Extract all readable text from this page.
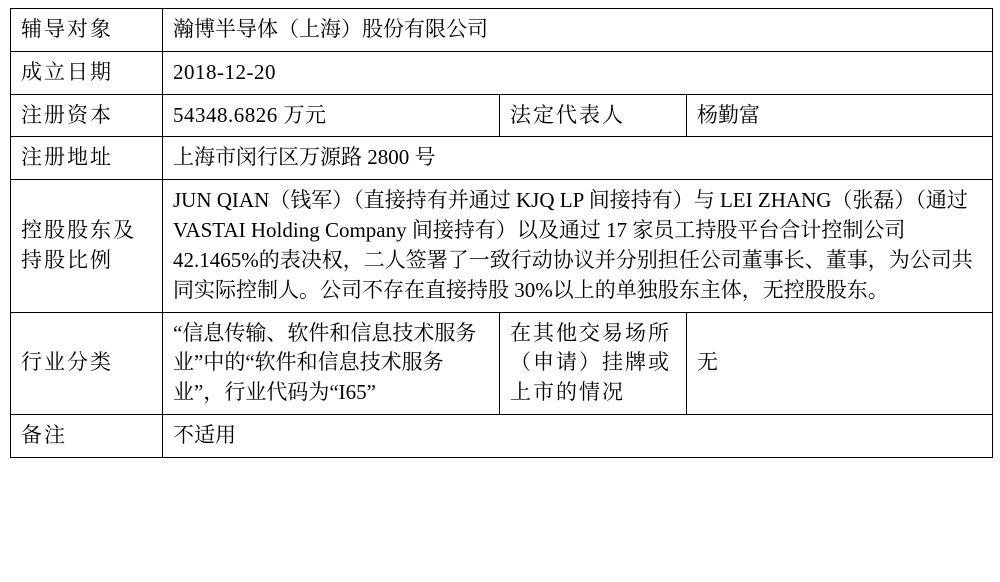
辅导对象	瀚博半导体（上海）股份有限公司		
成立日期	2018-12-20		
注册资本	54348.6826 万元	法定代表人	杨勤富
注册地址	上海市闵行区万源路 2800 号		
控股股东及持股比例	JUN QIAN（钱军）（直接持有并通过 KJQ LP 间接持有）与 LEI ZHANG（张磊）（通过 VASTAI Holding Company 间接持有）以及通过 17 家员工持股平台合计控制公司 42.1465%的表决权，二人签署了一致行动协议并分别担任公司董事长、董事，为公司共同实际控制人。公司不存在直接持股 30%以上的单独股东主体，无控股股东。		
行业分类	“信息传输、软件和信息技术服务业”中的“软件和信息技术服务业”，行业代码为“I65”	在其他交易场所（申请）挂牌或上市的情况	无
备注	不适用		
